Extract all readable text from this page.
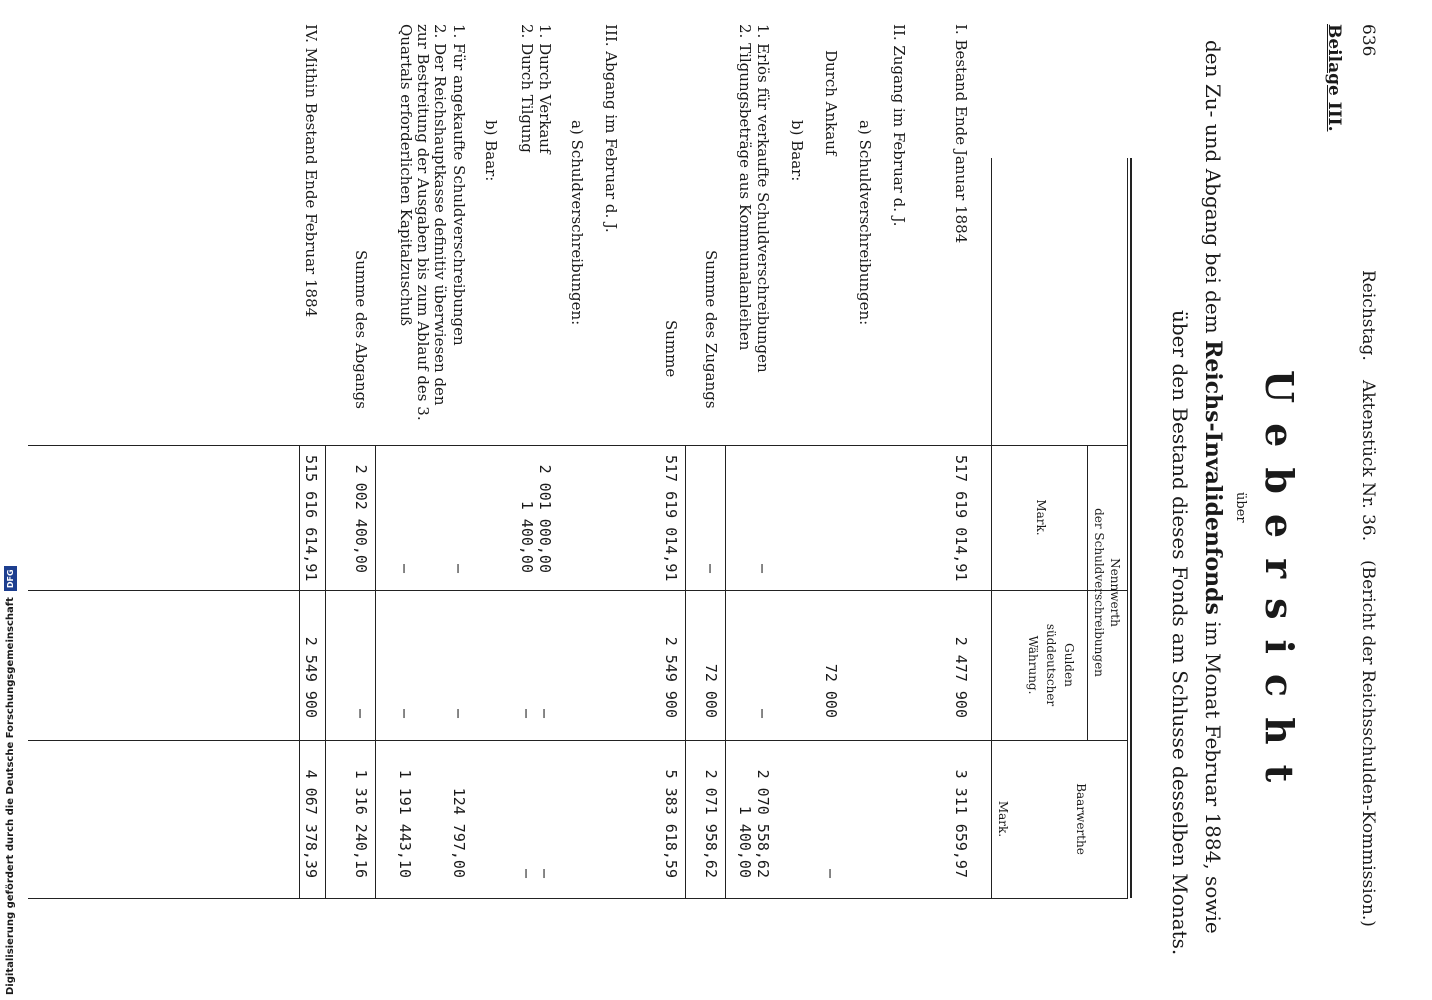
636
Reichstag.
Aktenstück Nr. 36.
(Bericht der Reichsschulden-Kommission.)
Beilage III.
Uebersicht
über
den Zu- und Abgang bei dem Reichs-Invalidenfonds im Monat Februar 1884, sowie
über den Bestand dieses Fonds am Schlusse desselben Monats.
Nennwerth
der Schuldverschreibungen
Mark.
Gulden
süddeutscher
Währung.
Baarwerthe
Mark.
I. Bestand Ende Januar 1884
517 619 014,91
2 477 900
3 311 659,97
II. Zugang im Februar d. J.
a) Schuldverschreibungen:
Durch Ankauf
72 000
—
b) Baar:
1. Erlös für verkaufte Schuldverschreibungen
—
—
2 070 558,62
2. Tilgungsbeträge aus Kommunalanleihen
1 400,00
Summe des Zugangs
—
72 000
2 071 958,62
Summe
517 619 014,91
2 549 900
5 383 618,59
III. Abgang im Februar d. J.
a) Schuldverschreibungen:
1. Durch Verkauf
2 001 000,00
—
—
2. Durch Tilgung
1 400,00
—
—
b) Baar:
1. Für angekaufte Schuldverschreibungen
—
—
124 797,00
2. Der Reichshauptkasse definitiv überwiesen den zur Bestreitung der Ausgaben bis zum Ablauf des 3. Quartals erforderlichen Kapitalzuschuß
—
—
1 191 443,10
Summe des Abgangs
2 002 400,00
—
1 316 240,16
IV. Mithin Bestand Ende Februar 1884
515 616 614,91
2 549 900
4 067 378,39
Digitalisierung gefördert durch die Deutsche Forschungsgemeinschaft
DFG
